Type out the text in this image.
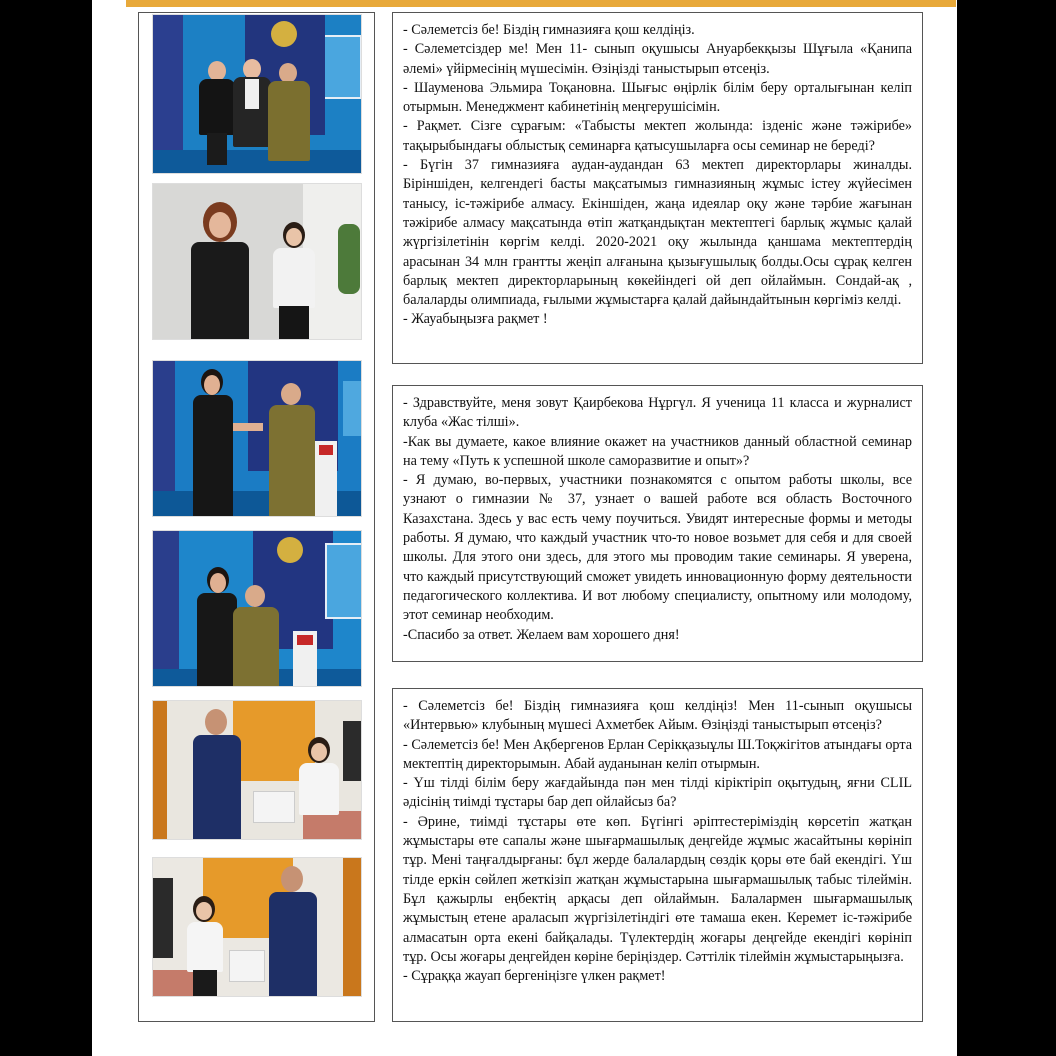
- Сәлеметсіз бе! Біздің гимназияға қош келдіңіз.

- Сәлеметсіздер ме! Мен 11- сынып оқушысы Ануарбекқызы Шұғыла «Қанипа әлемі» үйірмесінің мүшесімін. Өзіңізді таныстырып өтсеңіз.

- Шауменова Эльмира Тоқановна. Шығыс өңірлік білім беру орталығынан келіп отырмын. Менеджмент кабинетінің меңгерушісімін.

- Рақмет. Сізге сұрағым: «Табысты мектеп жолында: ізденіс және тәжірибе» тақырыбындағы облыстық семинарға қатысушыларға осы семинар не береді?

- Бүгін 37 гимназияға аудан-аудандан 63 мектеп директорлары жиналды. Біріншіден, келгендегі басты мақсатымыз гимназияның жұмыс істеу жүйесімен танысу, іс-тәжірибе алмасу. Екіншіден, жаңа идеялар оқу және тәрбие жағынан тәжірибе алмасу мақсатында өтіп жатқандықтан мектептегі барлық жұмыс қалай жүргізілетінін көргім келді. 2020-2021 оқу жылында қаншама мектептердің арасынан 34 млн грантты жеңіп алғанына қызығушылық болды.Осы сұрақ келген барлық мектеп директорларының көкейіндегі ой деп ойлаймын. Сондай-ақ , балаларды олимпиада, ғылыми жұмыстарға қалай дайындайтынын көргіміз келді.

- Жауабыңызға рақмет !

- Здравствуйте, меня зовут Қаирбекова Нұргүл. Я ученица 11 класса и журналист клуба «Жас тілші».

-Как вы думаете, какое влияние окажет на участников данный областной семинар на тему «Путь к успешной школе саморазвитие и опыт»?

- Я думаю, во-первых, участники познакомятся с опытом работы школы, все узнают о гимназии № 37, узнает о вашей работе вся область Восточного Казахстана. Здесь у вас есть чему поучиться. Увидят интересные формы и методы работы. Я думаю, что каждый участник что-то новое возьмет для себя и для своей школы. Для этого они здесь, для этого мы проводим такие семинары. Я уверена, что каждый присутствующий сможет увидеть инновационную форму деятельности педагогического коллектива. И вот любому специалисту, опытному или молодому, этот семинар необходим.

-Спасибо за ответ. Желаем вам хорошего дня!

- Сәлеметсіз бе! Біздің гимназияға қош келдіңіз! Мен 11-сынып оқушысы «Интервью» клубының мүшесі Ахметбек Айым. Өзіңізді таныстырып өтсеңіз?

- Сәлеметсіз бе! Мен Ақбергенов Ерлан Серікқазыұлы Ш.Тоқжігітов атындағы орта мектептің директорымын. Абай ауданынан келіп отырмын.

- Үш тілді білім беру жағдайында пән мен тілді кіріктіріп оқытудың, яғни CLIL әдісінің тиімді тұстары бар деп ойлайсыз ба?

- Әрине, тиімді тұстары өте көп. Бүгінгі әріптестеріміздің көрсетіп жатқан жұмыстары өте сапалы және шығармашылық деңгейде жұмыс жасайтыны көрініп тұр. Мені таңғалдырғаны: бұл жерде балалардың сөздік қоры өте бай екендігі. Үш тілде еркін сөйлеп жеткізіп жатқан жұмыстарына шығармашылық табыс тілеймін. Бұл қажырлы еңбектің арқасы деп ойлаймын. Балалармен шығармашылық жұмыстың етене араласып жүргізілетіндігі өте тамаша екен. Керемет іс-тәжірибе алмасатын орта екені байқалады. Түлектердің жоғары деңгейде екендігі көрініп тұр. Осы жоғары деңгейден көріне беріңіздер. Сәттілік тілеймін жұмыстарыңызға.

- Сұраққа жауап бергеніңізге үлкен рақмет!
